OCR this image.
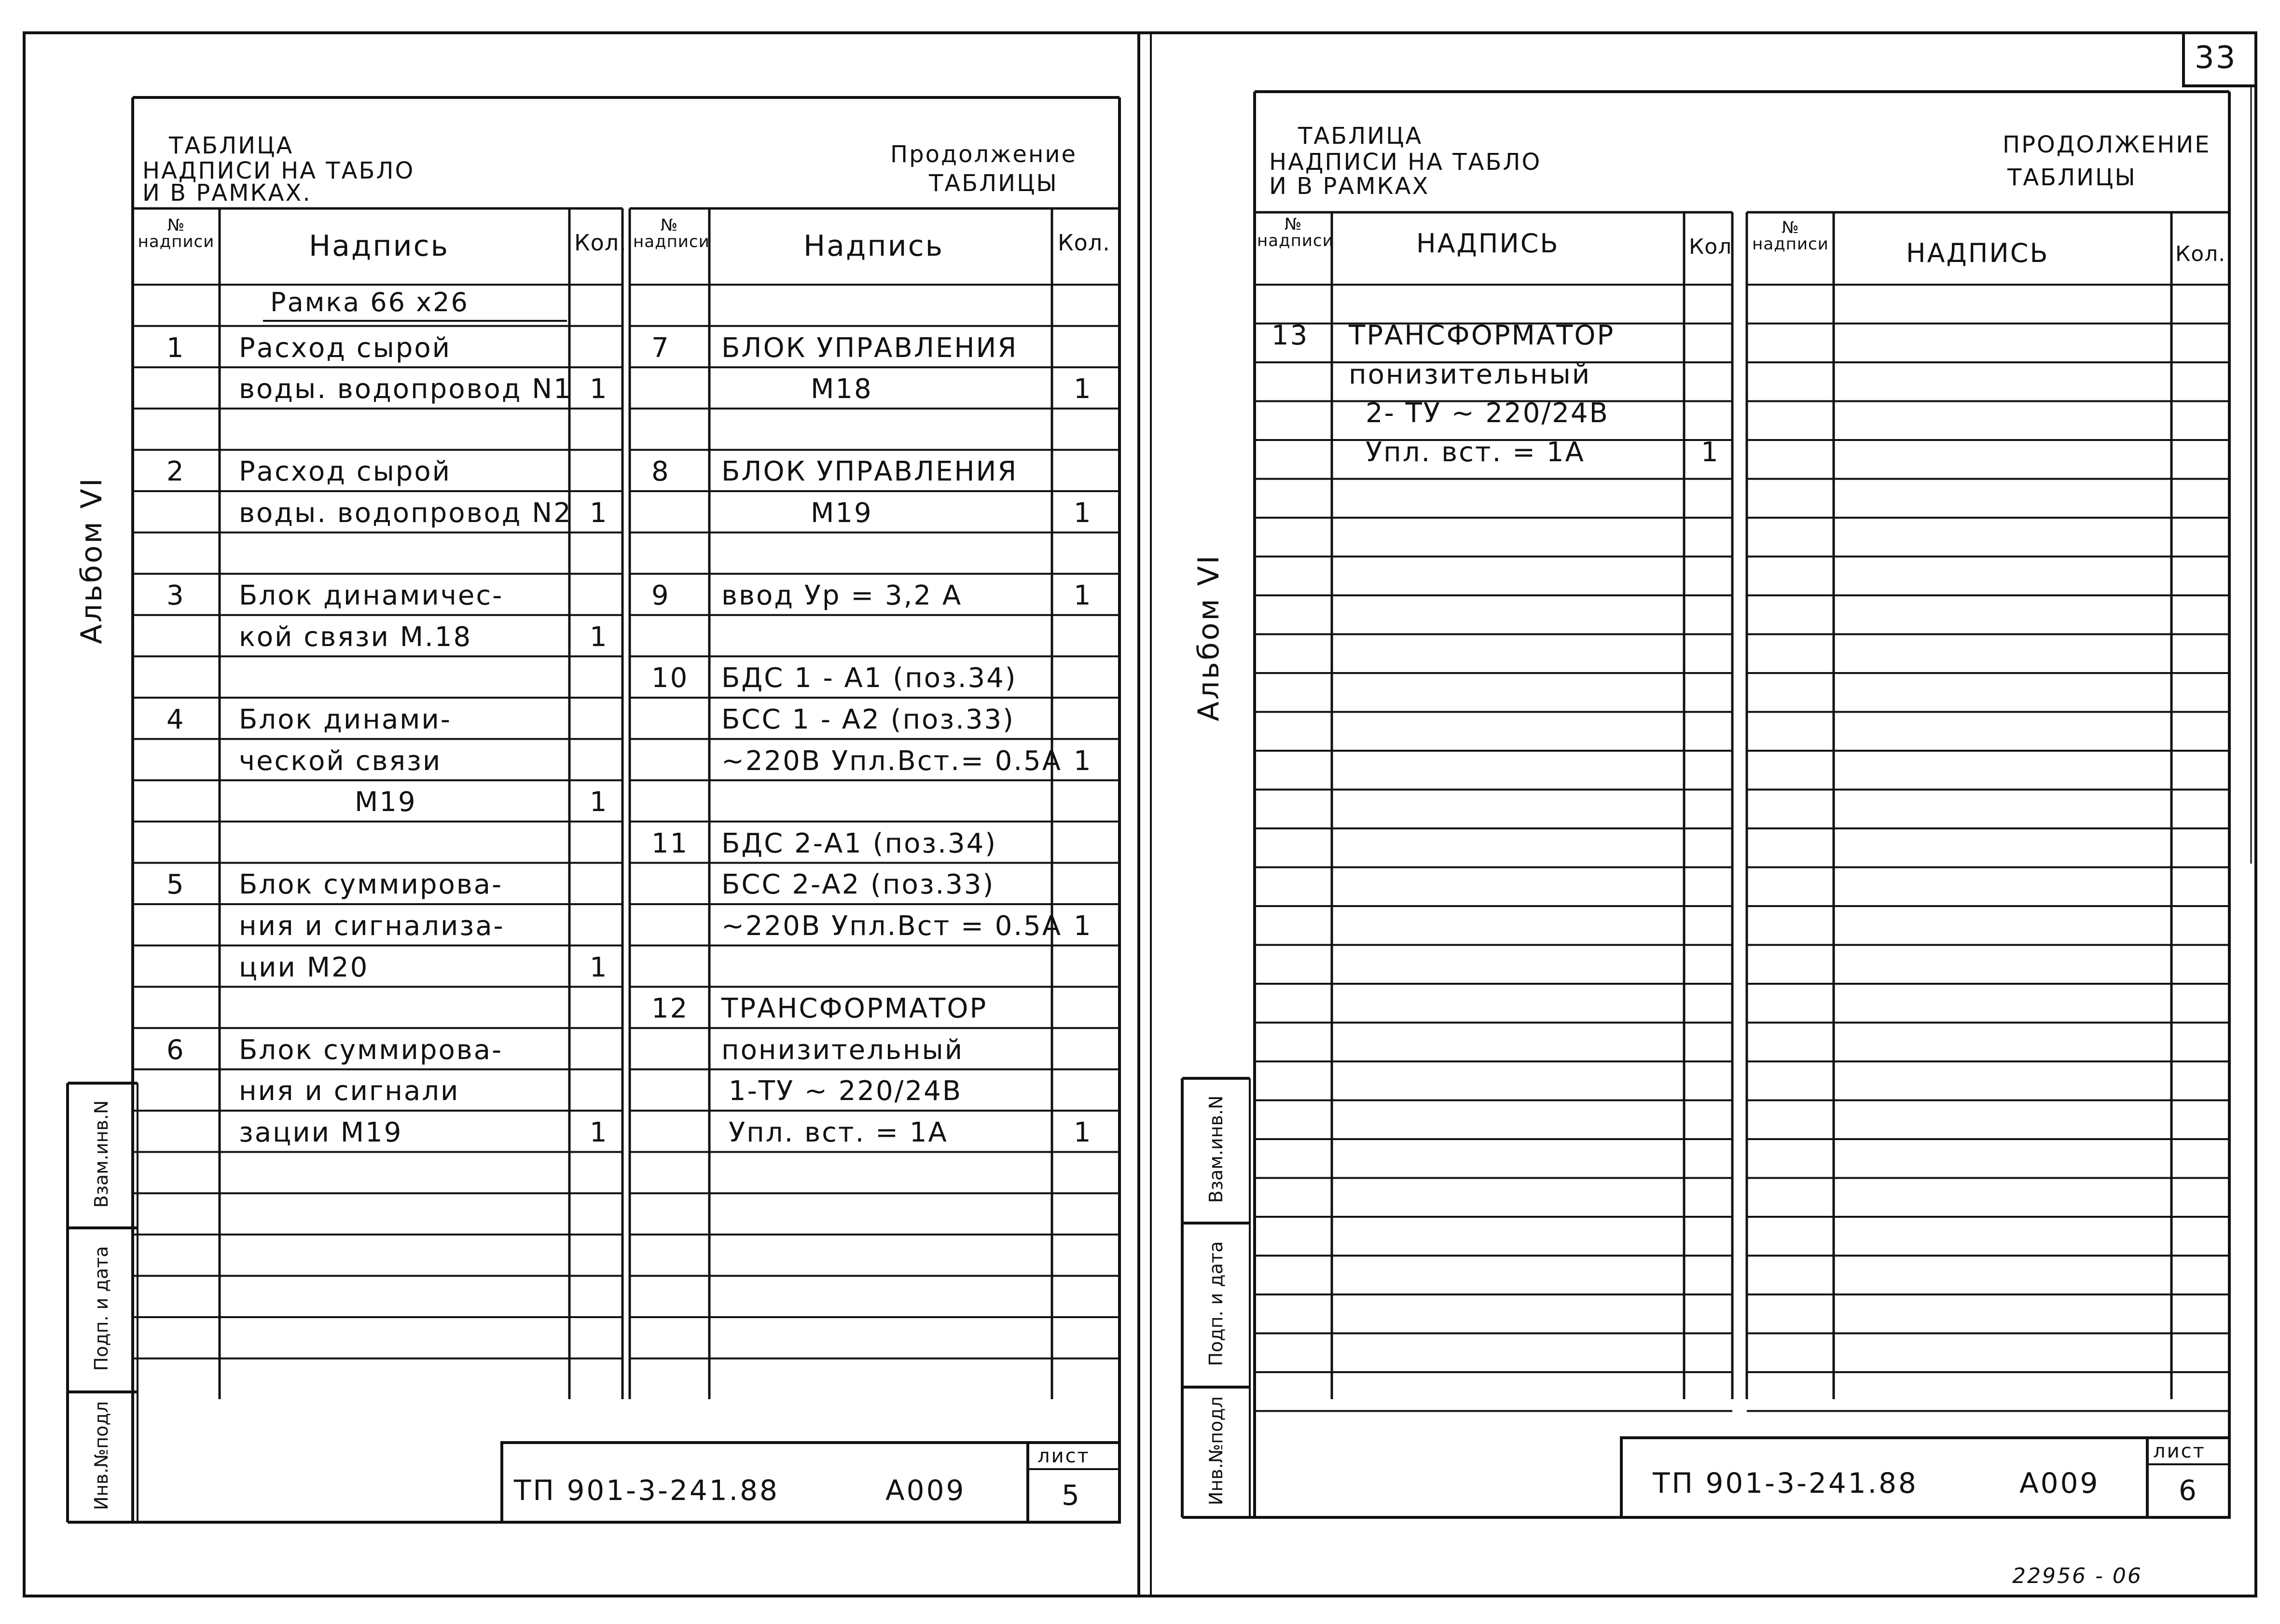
33
22956 - 06
Альбом VI
ТАБЛИЦА
НАДПИСИ НА ТАБЛО
И В РАМКАХ.
Продолжение
ТАБЛИЦЫ
№ надписи	Надпись	Кол.
№ надписи	Надпись	Кол.
Рамка 66 х26
1 Расход сырой
воды. водопровод N1 1
2 Расход сырой
воды. водопровод N2 1
3 Блок динамичес-
кой связи М.18	1
4 Блок динами-
ческой связи
М19	1
5 Блок суммирова-
ния и сигнализа-
ции М20	1
6 Блок суммирова-
ния и сигнали
зации М19	1
7 БЛОК УПРАВЛЕНИЯ
М18	1
8 БЛОК УПРАВЛЕНИЯ
М19	1
9 ввод Ур = 3,2 А	1
10 БДС 1 - А1 (поз.34)
БСС 1 - А2 (поз.33)
~220В Упл.Вст.= 0.5А 1
11 БДС 2-А1 (поз.34)
БСС 2-А2 (поз.33)
~220В Упл.Вст = 0.5А 1
12 ТРАНСФОРМАТОР
понизительный
1-ТУ ~ 220/24В
Упл. вст. = 1А	1
Инв.№подл
Подп. и дата
Взам.инв.N
ТП 901-3-241.88	А009
лист
5
Альбом VI
ТАБЛИЦА
НАДПИСИ НА ТАБЛО
И В РАМКАХ
ПРОДОЛЖЕНИЕ
ТАБЛИЦЫ
№ надписи	НАДПИСЬ	Кол
№ надписи	НАДПИСЬ	Кол.
13 ТРАНСФОРМАТОР
понизительный
2- ТУ ~ 220/24В
Упл. вст. = 1А	1
Инв.№подл
Подп. и дата
Взам.инв.N
ТП 901-3-241.88	А009
лист
6
